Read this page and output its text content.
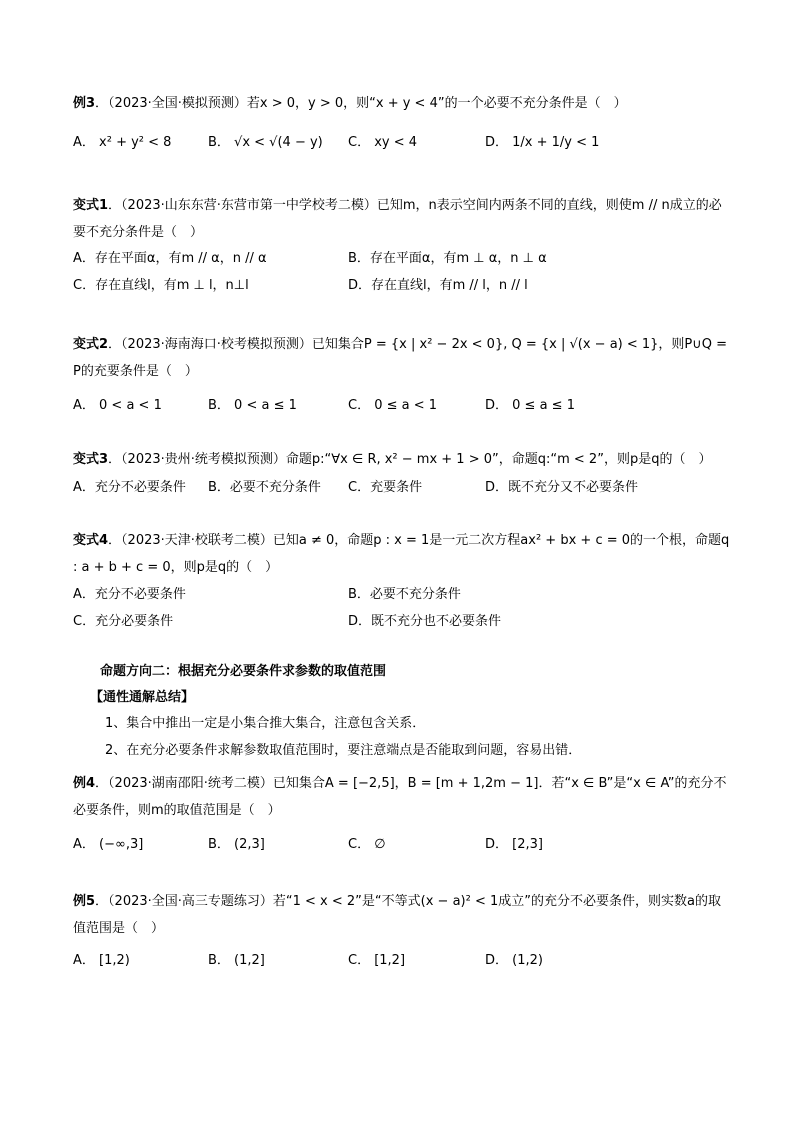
例3．（2023·全国·模拟预测）若x > 0，y > 0，则“x + y < 4”的一个必要不充分条件是（　）
A． x² + y² < 8	B． √x < √(4 − y) C． xy < 4	D． 1/x + 1/y < 1
变式1．（2023·山东东营·东营市第一中学校考二模）已知m，n表示空间内两条不同的直线，则使m // n成立的必要不充分条件是（　）
A．存在平面α，有m // α，n // α	B．存在平面α，有m ⊥ α，n ⊥ α
C．存在直线l，有m ⊥ l，n⊥l	D．存在直线l，有m // l，n // l
变式2．（2023·海南海口·校考模拟预测）已知集合P = {x | x² − 2x < 0}, Q = {x | √(x − a) < 1}，则P∪Q = P的充要条件是（　）
A． 0 < a < 1	B． 0 < a ≤ 1	C． 0 ≤ a < 1	D． 0 ≤ a ≤ 1
变式3．（2023·贵州·统考模拟预测）命题p:“∀x ∈ R, x² − mx + 1 > 0”，命题q:“m < 2”，则p是q的（　）
A．充分不必要条件 B．必要不充分条件 C．充要条件	D．既不充分又不必要条件
变式4．（2023·天津·校联考二模）已知a ≠ 0，命题p : x = 1是一元二次方程ax² + bx + c = 0的一个根，命题q : a + b + c = 0，则p是q的（　）
A．充分不必要条件	B．必要不充分条件
C．充分必要条件	D．既不充分也不必要条件
命题方向二：根据充分必要条件求参数的取值范围
【通性通解总结】
1、集合中推出一定是小集合推大集合，注意包含关系．
2、在充分必要条件求解参数取值范围时，要注意端点是否能取到问题，容易出错．
例4．（2023·湖南邵阳·统考二模）已知集合A = [−2,5]，B = [m + 1,2m − 1]．若“x ∈ B”是“x ∈ A”的充分不必要条件，则m的取值范围是（　）
A． (−∞,3]	B． (2,3]	C． ∅	D． [2,3]
例5．（2023·全国·高三专题练习）若“1 < x < 2”是“不等式(x − a)² < 1成立”的充分不必要条件，则实数a的取值范围是（　）
A． [1,2)	B． (1,2]	C． [1,2]	D． (1,2)
